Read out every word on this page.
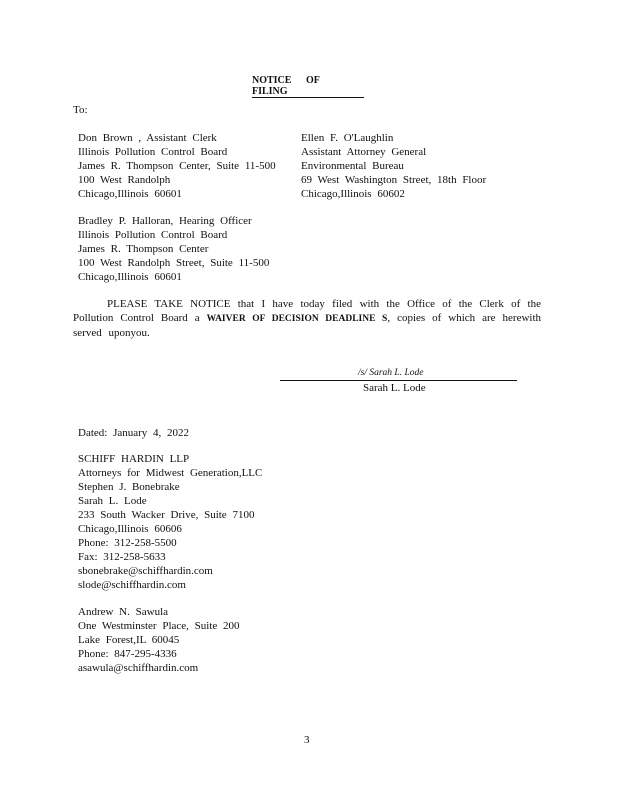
NOTICE OF FILING
To:
Don Brown , Assistant Clerk
Illinois Pollution Control Board
James R. Thompson Center, Suite 11-500
100 West Randolph
Chicago,Illinois 60601
Ellen F. O'Laughlin
Assistant Attorney General
Environmental Bureau
69 West Washington Street, 18th Floor
Chicago,Illinois 60602
Bradley P. Halloran, Hearing Officer
Illinois Pollution Control Board
James R. Thompson Center
100 West Randolph Street, Suite 11-500
Chicago,Illinois 60601
PLEASE TAKE NOTICE that I have today filed with the Office of the Clerk of the Pollution Control Board a WAIVER OF DECISION DEADLINE S, copies of which are herewith served uponyou.
/s/ Sarah L. Lode
Sarah L. Lode
Dated: January 4, 2022
SCHIFF HARDIN LLP
Attorneys for Midwest Generation,LLC
Stephen J. Bonebrake
Sarah L. Lode
233 South Wacker Drive, Suite 7100
Chicago,Illinois 60606
Phone: 312-258-5500
Fax: 312-258-5633
sbonebrake@schiffhardin.com
slode@schiffhardin.com
Andrew N. Sawula
One Westminster Place, Suite 200
Lake Forest,IL 60045
Phone: 847-295-4336
asawula@schiffhardin.com
3
